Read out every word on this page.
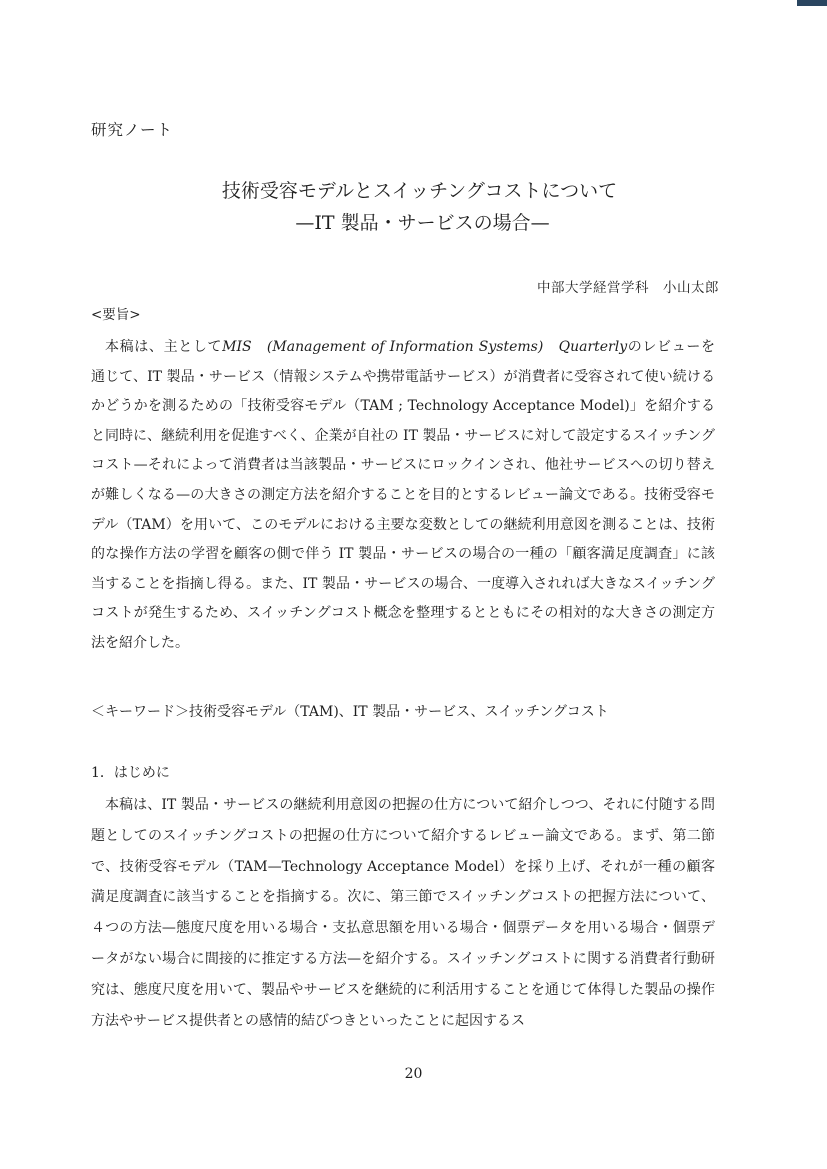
研究ノート
技術受容モデルとスイッチングコストについて
—IT 製品・サービスの場合—
中部大学経営学科　小山太郎
<要旨>
本稿は、主としてMIS　(Management of Information Systems)　Quarterlyのレビューを通じて、IT 製品・サービス（情報システムや携帯電話サービス）が消費者に受容されて使い続けるかどうかを測るための「技術受容モデル（TAM ; Technology Acceptance Model)」を紹介すると同時に、継続利用を促進すべく、企業が自社の IT 製品・サービスに対して設定するスイッチングコスト—それによって消費者は当該製品・サービスにロックインされ、他社サービスへの切り替えが難しくなる—の大きさの測定方法を紹介することを目的とするレビュー論文である。技術受容モデル（TAM）を用いて、このモデルにおける主要な変数としての継続利用意図を測ることは、技術的な操作方法の学習を顧客の側で伴う IT 製品・サービスの場合の一種の「顧客満足度調査」に該当することを指摘し得る。また、IT 製品・サービスの場合、一度導入されれば大きなスイッチングコストが発生するため、スイッチングコスト概念を整理するとともにその相対的な大きさの測定方法を紹介した。
＜キーワード＞技術受容モデル（TAM)、IT 製品・サービス、スイッチングコスト
1．はじめに
本稿は、IT 製品・サービスの継続利用意図の把握の仕方について紹介しつつ、それに付随する問題としてのスイッチングコストの把握の仕方について紹介するレビュー論文である。まず、第二節で、技術受容モデル（TAM—Technology Acceptance Model）を採り上げ、それが一種の顧客満足度調査に該当することを指摘する。次に、第三節でスイッチングコストの把握方法について、４つの方法—態度尺度を用いる場合・支払意思額を用いる場合・個票データを用いる場合・個票データがない場合に間接的に推定する方法—を紹介する。スイッチングコストに関する消費者行動研究は、態度尺度を用いて、製品やサービスを継続的に利活用することを通じて体得した製品の操作方法やサービス提供者との感情的結びつきといったことに起因するス
20
